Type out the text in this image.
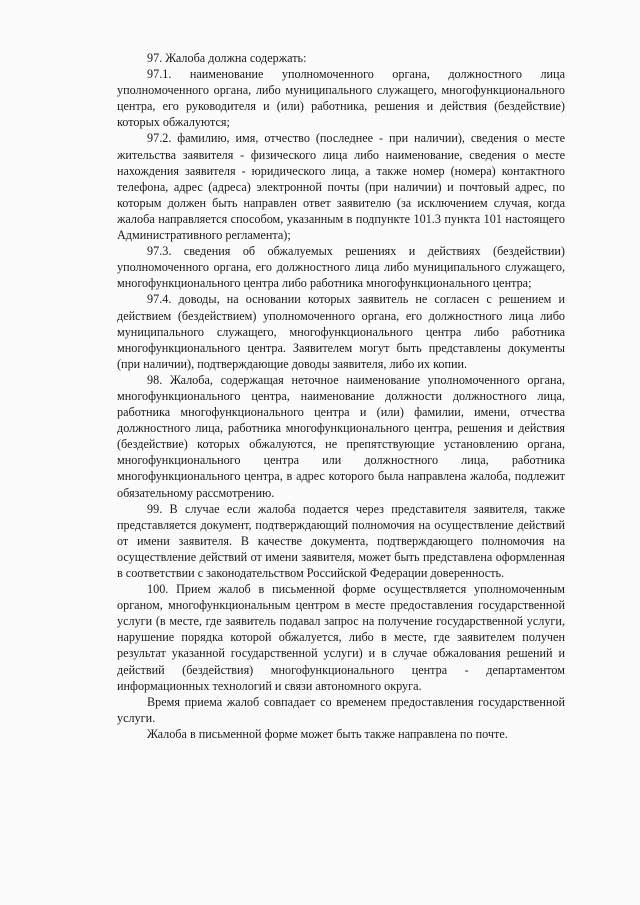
97. Жалоба должна содержать:

97.1. наименование уполномоченного органа, должностного лица уполномоченного органа, либо муниципального служащего, многофункционального центра, его руководителя и (или) работника, решения и действия (бездействие) которых обжалуются;

97.2. фамилию, имя, отчество (последнее - при наличии), сведения о месте жительства заявителя - физического лица либо наименование, сведения о месте нахождения заявителя - юридического лица, а также номер (номера) контактного телефона, адрес (адреса) электронной почты (при наличии) и почтовый адрес, по которым должен быть направлен ответ заявителю (за исключением случая, когда жалоба направляется способом, указанным в подпункте 101.3 пункта 101 настоящего Административного регламента);

97.3. сведения об обжалуемых решениях и действиях (бездействии) уполномоченного органа, его должностного лица либо муниципального служащего, многофункционального центра либо работника многофункционального центра;

97.4. доводы, на основании которых заявитель не согласен с решением и действием (бездействием) уполномоченного органа, его должностного лица либо муниципального служащего, многофункционального центра либо работника многофункционального центра. Заявителем могут быть представлены документы (при наличии), подтверждающие доводы заявителя, либо их копии.

98. Жалоба, содержащая неточное наименование уполномоченного органа, многофункционального центра, наименование должности должностного лица, работника многофункционального центра и (или) фамилии, имени, отчества должностного лица, работника многофункционального центра, решения и действия (бездействие) которых обжалуются, не препятствующие установлению органа, многофункционального центра или должностного лица, работника многофункционального центра, в адрес которого была направлена жалоба, подлежит обязательному рассмотрению.

99. В случае если жалоба подается через представителя заявителя, также представляется документ, подтверждающий полномочия на осуществление действий от имени заявителя. В качестве документа, подтверждающего полномочия на осуществление действий от имени заявителя, может быть представлена оформленная в соответствии с законодательством Российской Федерации доверенность.

100. Прием жалоб в письменной форме осуществляется уполномоченным органом, многофункциональным центром в месте предоставления государственной услуги (в месте, где заявитель подавал запрос на получение государственной услуги, нарушение порядка которой обжалуется, либо в месте, где заявителем получен результат указанной государственной услуги) и в случае обжалования решений и действий (бездействия) многофункционального центра - департаментом информационных технологий и связи автономного округа.

Время приема жалоб совпадает со временем предоставления государственной услуги.

Жалоба в письменной форме может быть также направлена по почте.
